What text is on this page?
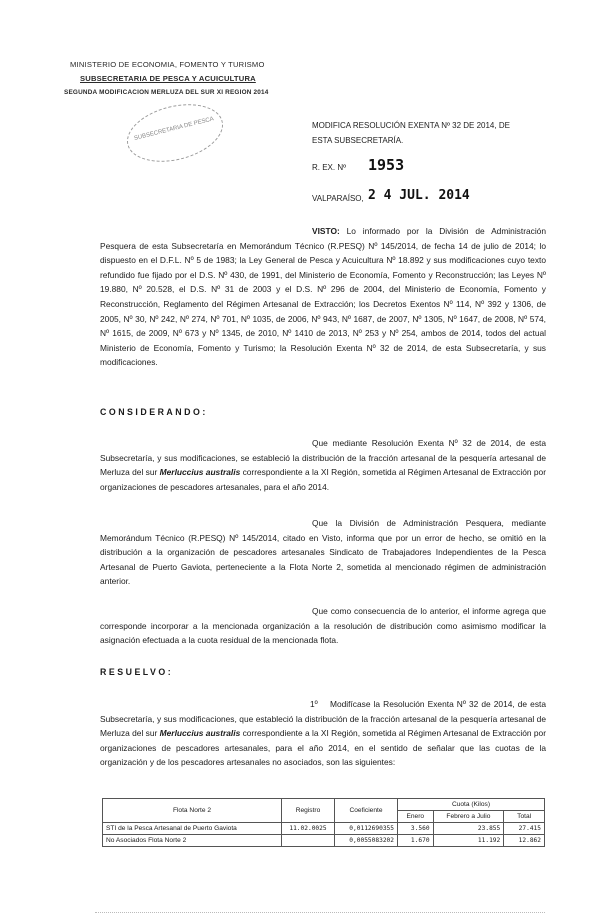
MINISTERIO DE ECONOMIA, FOMENTO Y TURISMO
SUBSECRETARIA DE PESCA Y ACUICULTURA
SEGUNDA MODIFICACION MERLUZA DEL SUR XI REGION 2014
SUBSECRETARIA DE PESCA	MODIFICA RESOLUCIÓN EXENTA Nº 32 DE 2014, DE
ESTA SUBSECRETARÍA.
R. EX. Nº 1953
VALPARAÍSO, 2 4 JUL. 2014
VISTO: Lo informado por la División de Administración Pesquera de esta Subsecretaría en Memorándum Técnico (R.PESQ) Nº 145/2014, de fecha 14 de julio de 2014; lo dispuesto en el D.F.L. Nº 5 de 1983; la Ley General de Pesca y Acuicultura Nº 18.892 y sus modificaciones cuyo texto refundido fue fijado por el D.S. Nº 430, de 1991, del Ministerio de Economía, Fomento y Reconstrucción; las Leyes Nº 19.880, Nº 20.528, el D.S. Nº 31 de 2003 y el D.S. Nº 296 de 2004, del Ministerio de Economía, Fomento y Reconstrucción, Reglamento del Régimen Artesanal de Extracción; los Decretos Exentos Nº 114, Nº 392 y 1306, de 2005, Nº 30, Nº 242, Nº 274, Nº 701, Nº 1035, de 2006, Nº 943, Nº 1687, de 2007, Nº 1305, Nº 1647, de 2008, Nº 574, Nº 1615, de 2009, Nº 673 y Nº 1345, de 2010, Nº 1410 de 2013, Nº 253 y Nº 254, ambos de 2014, todos del actual Ministerio de Economía, Fomento y Turismo; la Resolución Exenta Nº 32 de 2014, de esta Subsecretaría, y sus modificaciones.
CONSIDERANDO:
Que mediante Resolución Exenta Nº 32 de 2014, de esta Subsecretaría, y sus modificaciones, se estableció la distribución de la fracción artesanal de la pesquería artesanal de Merluza del sur Merluccius australis correspondiente a la XI Región, sometida al Régimen Artesanal de Extracción por organizaciones de pescadores artesanales, para el año 2014.
Que la División de Administración Pesquera, mediante Memorándum Técnico (R.PESQ) Nº 145/2014, citado en Visto, informa que por un error de hecho, se omitió en la distribución a la organización de pescadores artesanales Sindicato de Trabajadores Independientes de la Pesca Artesanal de Puerto Gaviota, perteneciente a la Flota Norte 2, sometida al mencionado régimen de administración anterior.
Que como consecuencia de lo anterior, el informe agrega que corresponde incorporar a la mencionada organización a la resolución de distribución como asimismo modificar la asignación efectuada a la cuota residual de la mencionada flota.
RESUELVO:
1º Modifícase la Resolución Exenta Nº 32 de 2014, de esta Subsecretaría, y sus modificaciones, que estableció la distribución de la fracción artesanal de la pesquería artesanal de Merluza del sur Merluccius australis correspondiente a la XI Región, sometida al Régimen Artesanal de Extracción por organizaciones de pescadores artesanales, para el año 2014, en el sentido de señalar que las cuotas de la organización y de los pescadores artesanales no asociados, son las siguientes:
Flota Norte 2	Registro	Coeficiente	Cuota (Kilos)		
			Enero	Febrero a Julio	Total
STI de la Pesca Artesanal de Puerto Gaviota	11.02.0025	0,0112690355	3.560	23.855	27.415
No Asociados Flota Norte 2		0,0055083202	1.670	11.192	12.862
